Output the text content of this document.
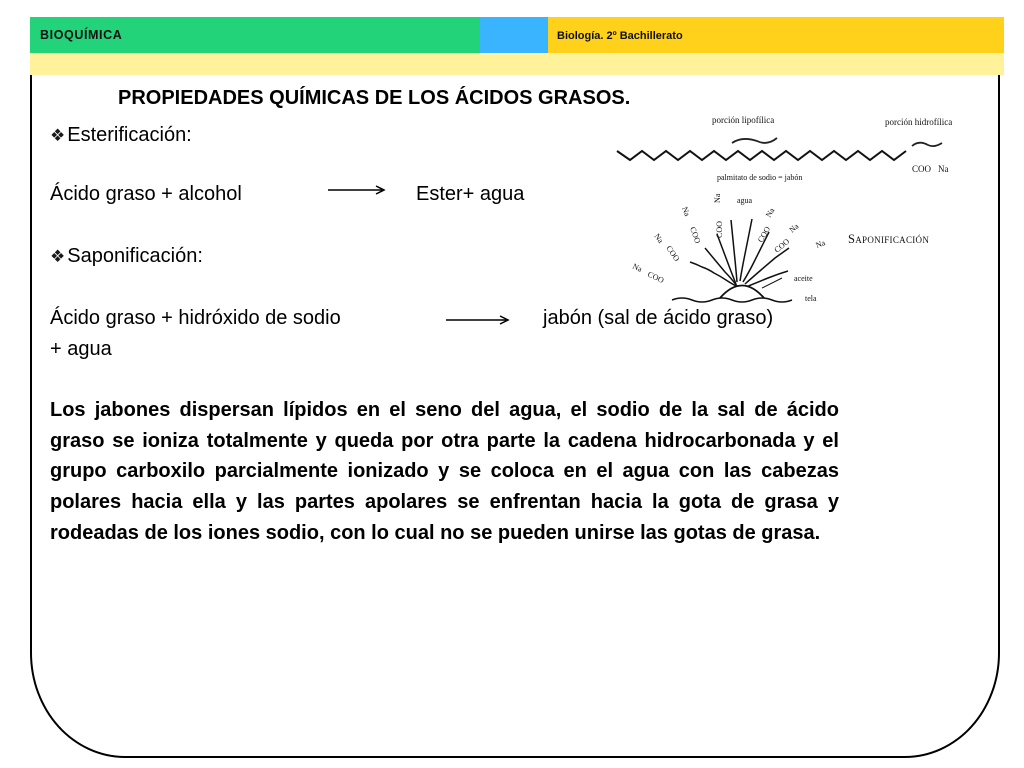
BIOQUÍMICA	Biología. 2º Bachillerato
PROPIEDADES QUÍMICAS DE LOS ÁCIDOS GRASOS.
❖ Esterificación:
Ácido graso + alcohol	Ester+ agua
❖ Saponificación:
Ácido graso + hidróxido de sodio	jabón (sal de ácido graso)
+ agua

Los jabones dispersan lípidos en el seno del agua, el sodio de la sal de ácido graso se ioniza totalmente y queda por otra parte la cadena hidrocarbonada y el grupo carboxilo parcialmente ionizado y se coloca en el agua con las cabezas polares hacia ella y las partes apolares se enfrentan hacia la gota de grasa y rodeadas de los iones sodio, con lo cual no se pueden unirse las gotas de grasa.

porción lipofílica	porción hidrofílica
COO Na
palmitato de sodio = jabón
Na
COO
Na
COO
Na
COO
Na
COO
Na
COO Na
COO	Na
agua
aceite
tela
Saponificación
